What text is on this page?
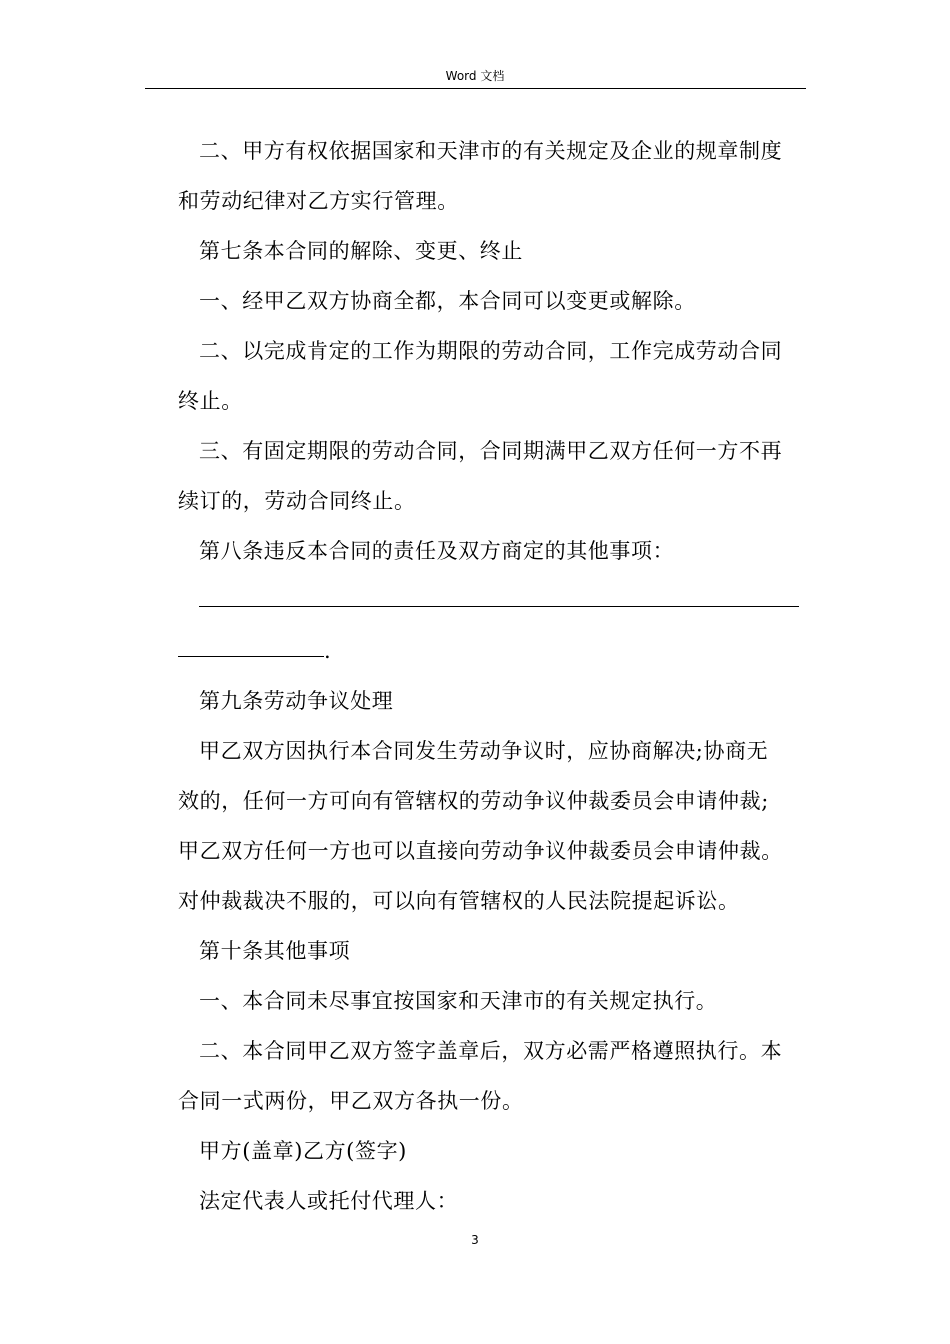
Word 文档

二、甲方有权依据国家和天津市的有关规定及企业的规章制度
和劳动纪律对乙方实行管理。

第七条本合同的解除、变更、终止

一、经甲乙双方协商全都，本合同可以变更或解除。

二、以完成肯定的工作为期限的劳动合同，工作完成劳动合同
终止。

三、有固定期限的劳动合同，合同期满甲乙双方任何一方不再
续订的，劳动合同终止。

第八条违反本合同的责任及双方商定的其他事项：

.

第九条劳动争议处理

甲乙双方因执行本合同发生劳动争议时，应协商解决;协商无
效的，任何一方可向有管辖权的劳动争议仲裁委员会申请仲裁;
甲乙双方任何一方也可以直接向劳动争议仲裁委员会申请仲裁。
对仲裁裁决不服的，可以向有管辖权的人民法院提起诉讼。

第十条其他事项

一、本合同未尽事宜按国家和天津市的有关规定执行。

二、本合同甲乙双方签字盖章后，双方必需严格遵照执行。本
合同一式两份，甲乙双方各执一份。

甲方(盖章)乙方(签字)

法定代表人或托付代理人：

3
